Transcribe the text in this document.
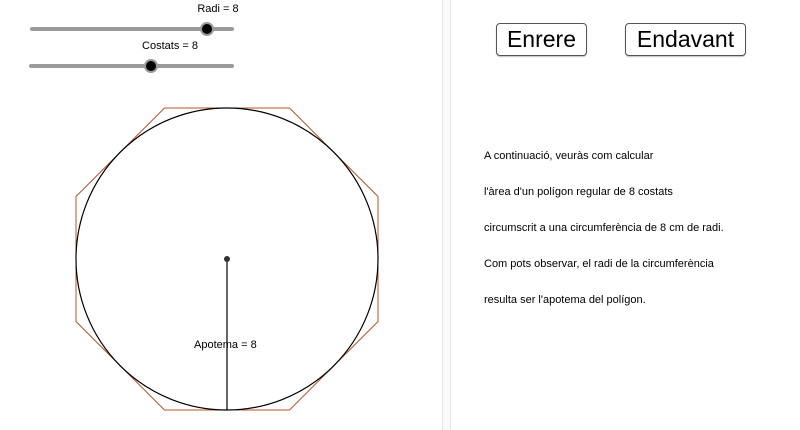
Radi = 8
Costats = 8
Apotema = 8
Enrere	Endavant
A continuació, veuràs com calcular
l'àrea d'un polígon regular de 8 costats
circumscrit a una circumferència de 8 cm de radi.
Com pots observar, el radi de la circumferència
resulta ser l'apotema del polígon.
